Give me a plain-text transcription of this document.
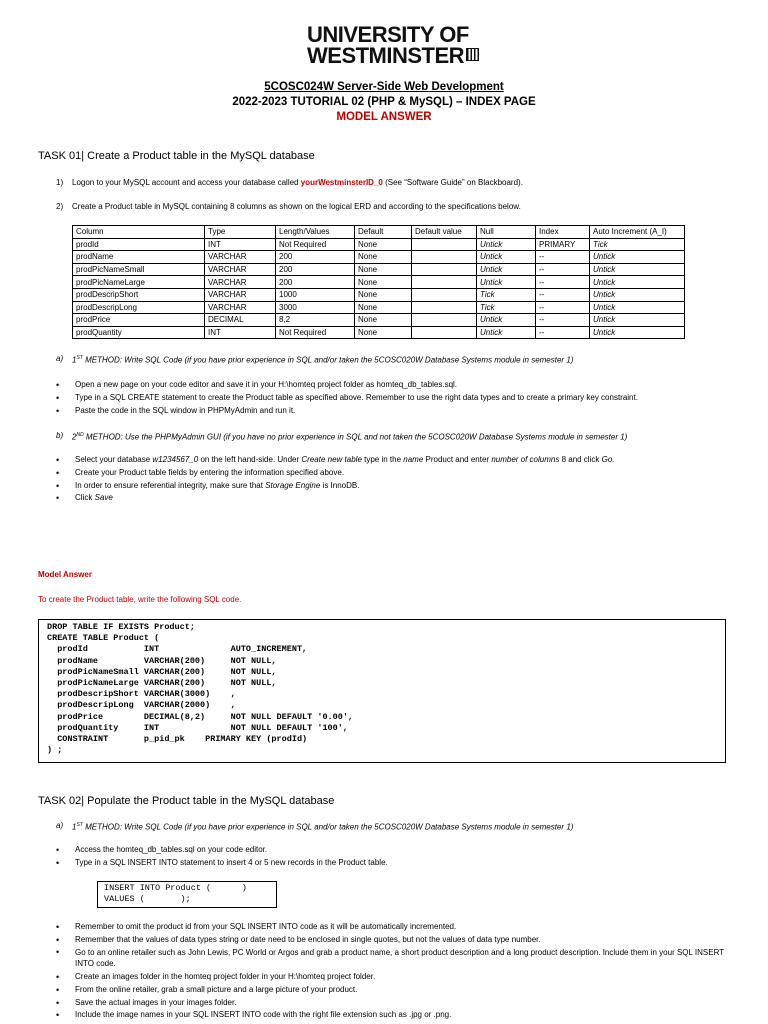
UNIVERSITY OF
WESTMINSTER
5COSC024W Server-Side Web Development
2022-2023 TUTORIAL 02 (PHP & MySQL) – INDEX PAGE
MODEL ANSWER
TASK 01| Create a Product table in the MySQL database
1) Logon to your MySQL account and access your database called yourWestminsterID_0 (See “Software Guide” on Blackboard).
2) Create a Product table in MySQL containing 8 columns as shown on the logical ERD and according to the specifications below.
Column	Type	Length/Values	Default	Default value	Null	Index	Auto Increment (A_I)
prodId	INT	Not Required	None		Untick	PRIMARY	Tick
prodName	VARCHAR	200	None		Untick	--	Untick
prodPicNameSmall	VARCHAR	200	None		Untick	--	Untick
prodPicNameLarge	VARCHAR	200	None		Untick	--	Untick
prodDescripShort	VARCHAR	1000	None		Tick	--	Untick
prodDescripLong	VARCHAR	3000	None		Tick	--	Untick
prodPrice	DECIMAL	8,2	None		Untick	--	Untick
prodQuantity	INT	Not Required	None		Untick	--	Untick
a) 1ST METHOD: Write SQL Code (if you have prior experience in SQL and/or taken the 5COSC020W Database Systems module in semester 1)
• Open a new page on your code editor and save it in your H:\homteq project folder as homteq_db_tables.sql.
• Type in a SQL CREATE statement to create the Product table as specified above. Remember to use the right data types and to create a primary key constraint.
• Paste the code in the SQL window in PHPMyAdmin and run it.
b) 2ND METHOD: Use the PHPMyAdmin GUI (if you have no prior experience in SQL and not taken the 5COSC020W Database Systems module in semester 1)
• Select your database w1234567_0 on the left hand-side. Under Create new table type in the name Product and enter number of columns 8 and click Go.
• Create your Product table fields by entering the information specified above.
• In order to ensure referential integrity, make sure that Storage Engine is InnoDB.
• Click Save
Model Answer
To create the Product table, write the following SQL code.
DROP TABLE IF EXISTS Product;
CREATE TABLE Product (
prodId           INT              AUTO_INCREMENT,
prodName         VARCHAR(200)     NOT NULL,
prodPicNameSmall VARCHAR(200)     NOT NULL,
prodPicNameLarge VARCHAR(200)     NOT NULL,
prodDescripShort VARCHAR(3000)    ,
prodDescripLong  VARCHAR(2000)    ,
prodPrice        DECIMAL(8,2)     NOT NULL DEFAULT '0.00',
prodQuantity     INT              NOT NULL DEFAULT '100',
CONSTRAINT       p_pid_pk    PRIMARY KEY (prodId)
) ;
TASK 02| Populate the Product table in the MySQL database
a) 1ST METHOD: Write SQL Code (if you have prior experience in SQL and/or taken the 5COSC020W Database Systems module in semester 1)
• Access the homteq_db_tables.sql on your code editor.
• Type in a SQL INSERT INTO statement to insert 4 or 5 new records in the Product table.
INSERT INTO Product (      )
VALUES (       );
• Remember to omit the product id from your SQL INSERT INTO code as it will be automatically incremented.
• Remember that the values of data types string or date need to be enclosed in single quotes, but not the values of data type number.
• Go to an online retailer such as John Lewis, PC World or Argos and grab a product name, a short product description and a long product description. Include them in your SQL INSERT INTO code.
• Create an images folder in the homteq project folder in your H:\homteq project folder.
• From the online retailer, grab a small picture and a large picture of your product.
• Save the actual images in your images folder.
• Include the image names in your SQL INSERT INTO code with the right file extension such as .jpg or .png.
